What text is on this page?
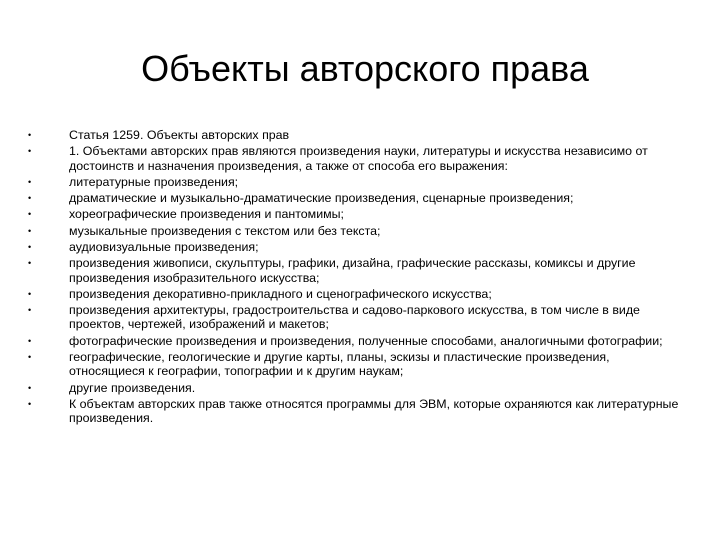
Объекты авторского права
•	Статья 1259. Объекты авторских прав
•	1. Объектами авторских прав являются произведения науки, литературы и искусства независимо от достоинств и назначения произведения, а также от способа его выражения:
•	литературные произведения;
•	драматические и музыкально-драматические произведения, сценарные произведения;
•	хореографические произведения и пантомимы;
•	музыкальные произведения с текстом или без текста;
•	аудиовизуальные произведения;
•	произведения живописи, скульптуры, графики, дизайна, графические рассказы, комиксы и другие произведения изобразительного искусства;
•	произведения декоративно-прикладного и сценографического искусства;
•	произведения архитектуры, градостроительства и садово-паркового искусства, в том числе в виде проектов, чертежей, изображений и макетов;
•	фотографические произведения и произведения, полученные способами, аналогичными фотографии;
•	географические, геологические и другие карты, планы, эскизы и пластические произведения, относящиеся к географии, топографии и к другим наукам;
•	другие произведения.
•	К объектам авторских прав также относятся программы для ЭВМ, которые охраняются как литературные произведения.
